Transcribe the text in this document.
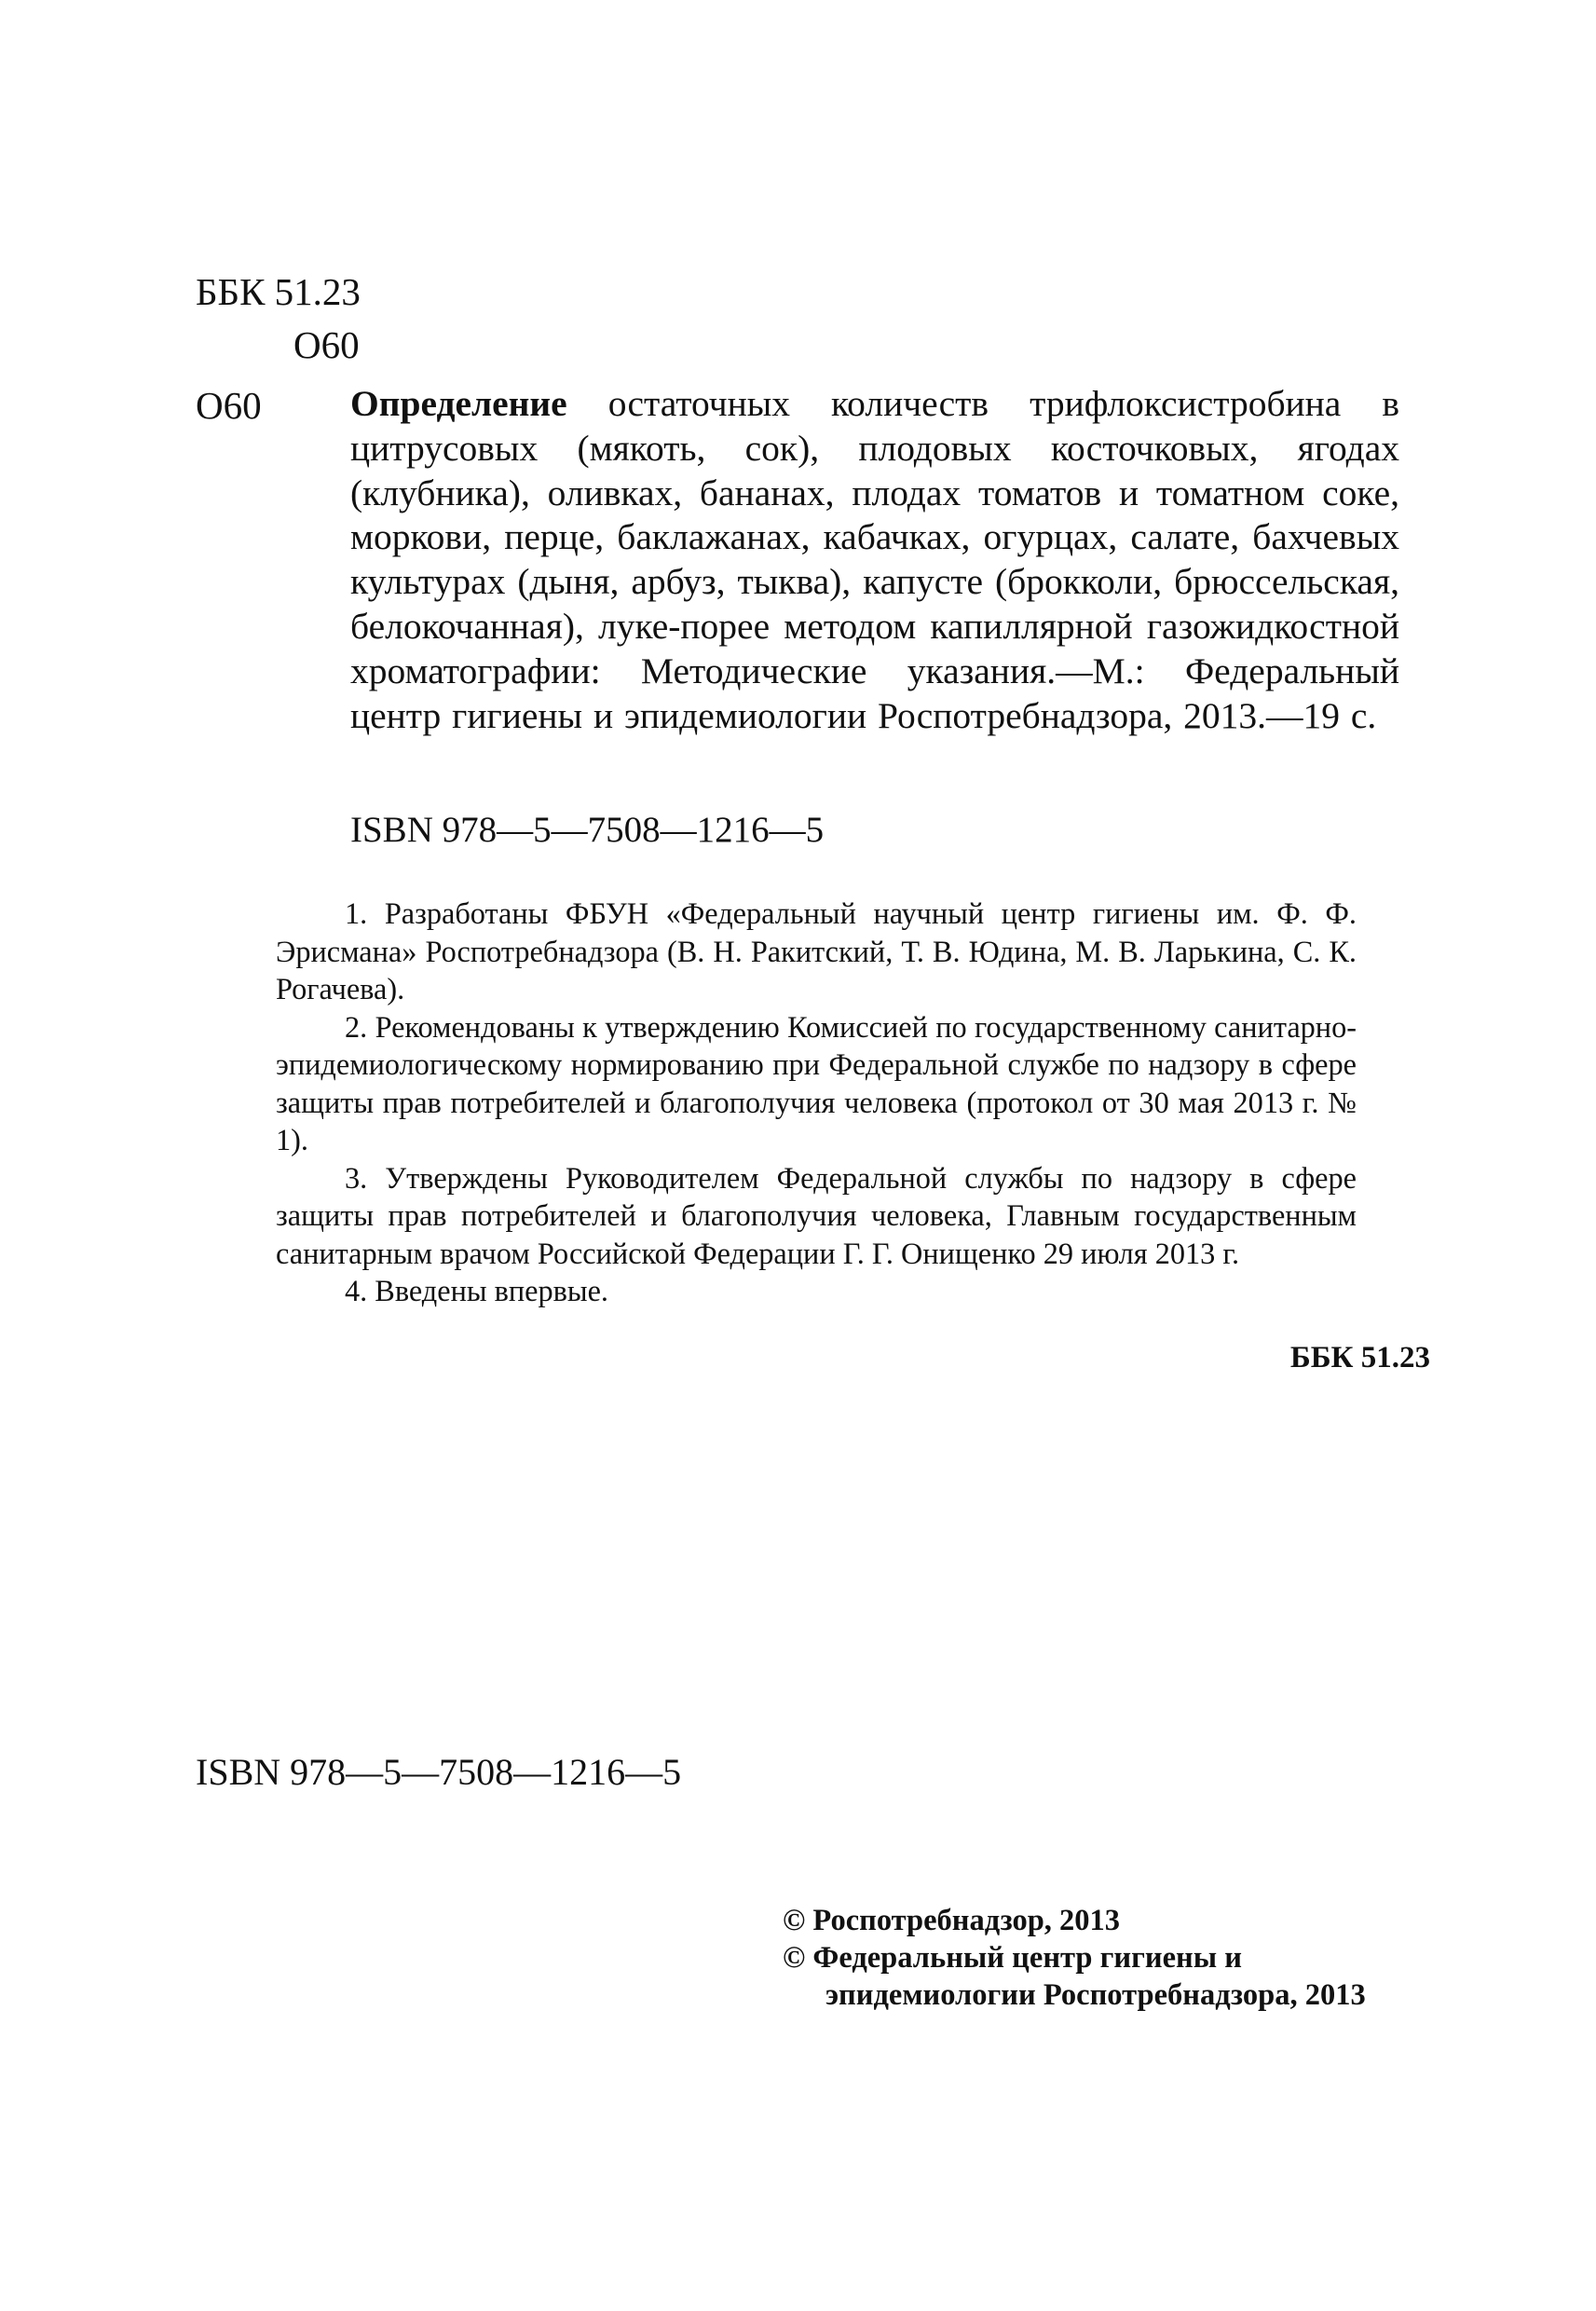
ББК 51.23
О60
О60 Определение остаточных количеств трифлоксистробина в цитрусовых (мякоть, сок), плодовых косточковых, ягодах (клубника), оливках, бананах, плодах томатов и томатном соке, моркови, перце, баклажанах, кабачках, огурцах, салате, бахчевых культурах (дыня, арбуз, тыква), капусте (брокколи, брюссельская, белокочанная), луке-порее методом капиллярной газожидкостной хроматографии: Методические указания.—М.: Федеральный центр гигиены и эпидемиологии Роспотребнадзора, 2013.—19 с.
ISBN 978—5—7508—1216—5

1. Разработаны ФБУН «Федеральный научный центр гигиены им. Ф. Ф. Эрисмана» Роспотребнадзора (В. Н. Ракитский, Т. В. Юдина, М. В. Ларькина, С. К. Рогачева).

2. Рекомендованы к утверждению Комиссией по государственному санитарно-эпидемиологическому нормированию при Федеральной службе по надзору в сфере защиты прав потребителей и благополучия человека (протокол от 30 мая 2013 г. № 1).

3. Утверждены Руководителем Федеральной службы по надзору в сфере защиты прав потребителей и благополучия человека, Главным государственным санитарным врачом Российской Федерации Г. Г. Онищенко 29 июля 2013 г.

4. Введены впервые.

ББК 51.23
ISBN 978—5—7508—1216—5
© Роспотребнадзор, 2013
© Федеральный центр гигиены и
эпидемиологии Роспотребнадзора, 2013
